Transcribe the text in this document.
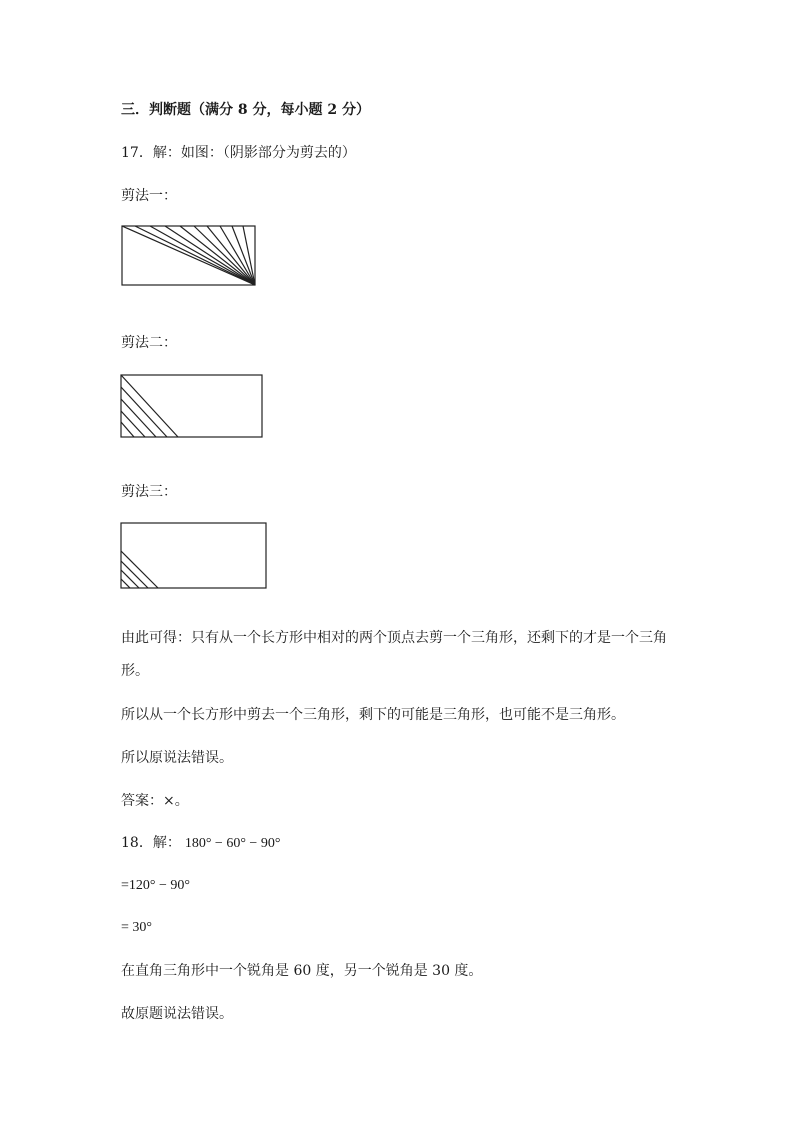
三．判断题（满分 8 分，每小题 2 分）
17．解：如图：（阴影部分为剪去的）
剪法一：
剪法二：
剪法三：
由此可得：只有从一个长方形中相对的两个顶点去剪一个三角形，还剩下的才是一个三角
形。
所以从一个长方形中剪去一个三角形，剩下的可能是三角形，也可能不是三角形。
所以原说法错误。
答案：×。
18．解： 180° − 60° − 90°
=120° − 90°
= 30°
在直角三角形中一个锐角是 60 度，另一个锐角是 30 度。
故原题说法错误。
